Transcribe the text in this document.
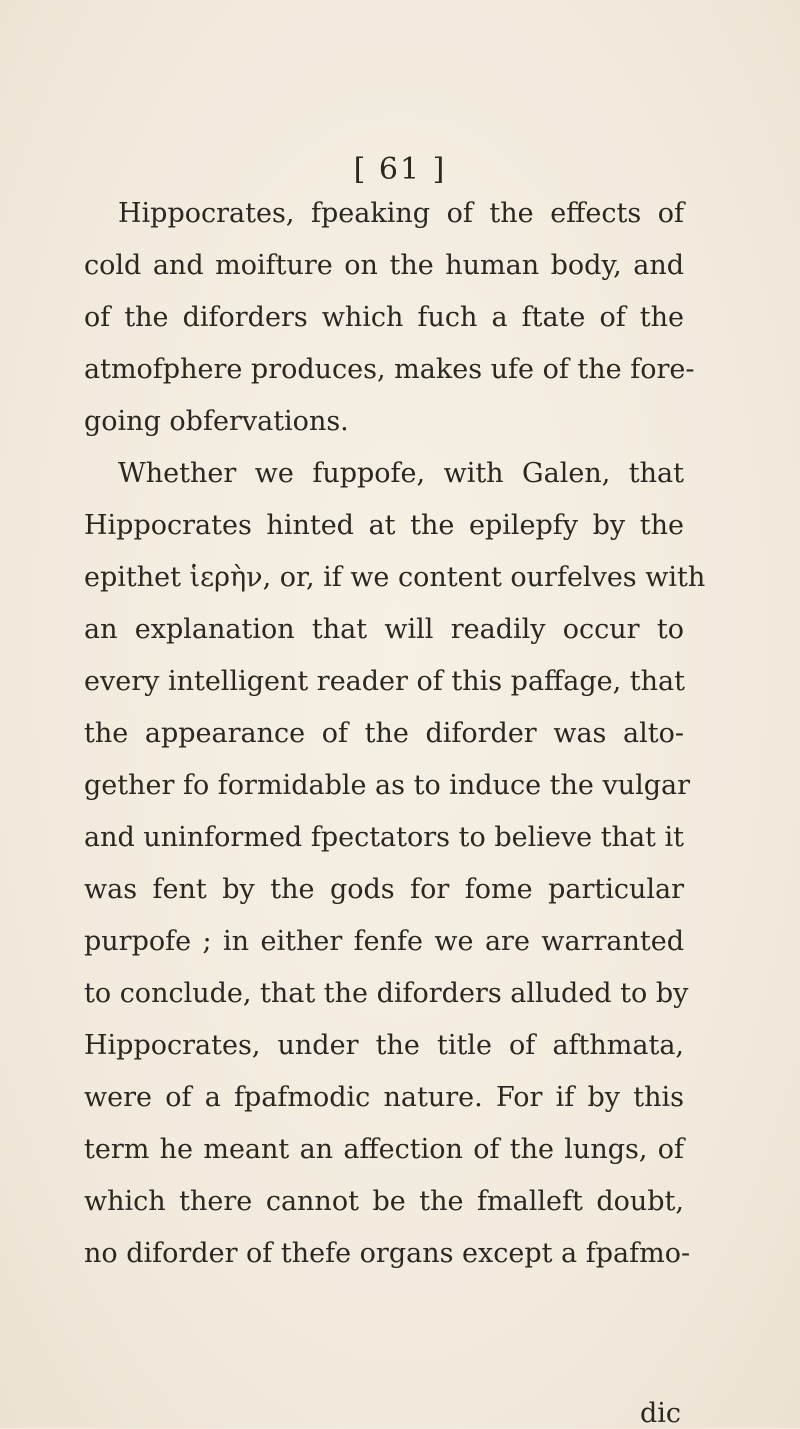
[ 61 ]
Hippocrates, fpeaking of the effects of
cold and moifture on the human body, and
of the diforders which fuch a ftate of the
atmofphere produces, makes ufe of the fore-
going obfervations.
Whether we fuppofe, with Galen, that
Hippocrates hinted at the epilepfy by the
epithet ἱερὴν, or, if we content ourfelves with
an explanation that will readily occur to
every intelligent reader of this paffage, that
the appearance of the diforder was alto-
gether fo formidable as to induce the vulgar
and uninformed fpectators to believe that it
was fent by the gods for fome particular
purpofe ; in either fenfe we are warranted
to conclude, that the diforders alluded to by
Hippocrates, under the title of afthmata,
were of a fpafmodic nature. For if by this
term he meant an affection of the lungs, of
which there cannot be the fmalleft doubt,
no diforder of thefe organs except a fpafmo-
dic
